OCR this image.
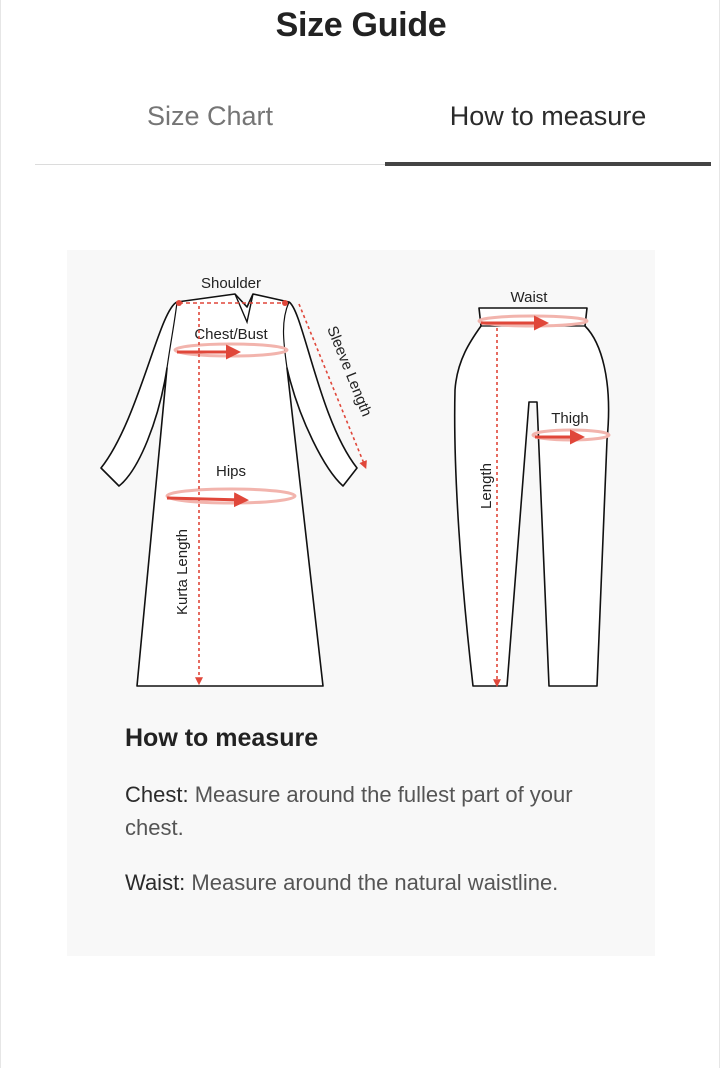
Size Guide
Size Chart	How to measure
Shoulder
Chest/Bust	Sleeve Length
Hips
Kurta Length
Waist
Thigh
Length
How to measure
Chest: Measure around the fullest part of your chest.
Waist: Measure around the natural waistline.
